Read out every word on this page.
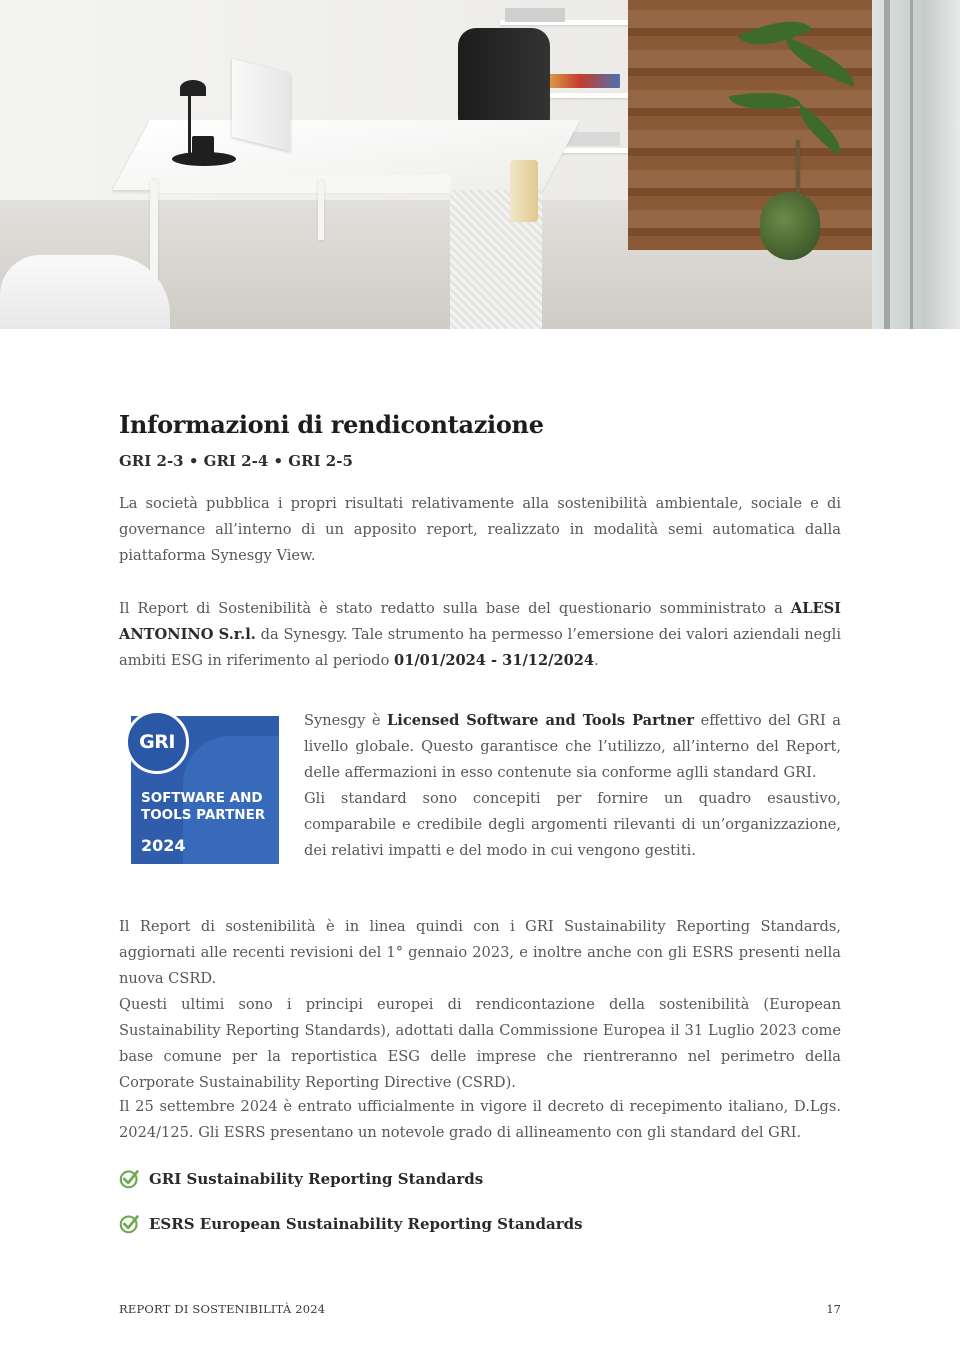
Informazioni di rendicontazione
GRI 2-3 • GRI 2-4 • GRI 2-5

La società pubblica i propri risultati relativamente alla sostenibilità ambientale, sociale e di governance all’interno di un apposito report, realizzato in modalità semi automatica dalla piattaforma Synesgy View.

Il Report di Sostenibilità è stato redatto sulla base del questionario somministrato a ALESI ANTONINO S.r.l. da Synesgy. Tale strumento ha permesso l’emersione dei valori aziendali negli ambiti ESG in riferimento al periodo 01/01/2024 - 31/12/2024.

GRI
SOFTWARE AND
TOOLS PARTNER
2024

Synesgy è Licensed Software and Tools Partner effettivo del GRI a livello globale. Questo garantisce che l’utilizzo, all’interno del Report, delle affermazioni in esso contenute sia conforme aglli standard GRI.
Gli standard sono concepiti per fornire un quadro esaustivo, comparabile e credibile degli argomenti rilevanti di un’organizzazione, dei relativi impatti e del modo in cui vengono gestiti.

Il Report di sostenibilità è in linea quindi con i GRI Sustainability Reporting Standards, aggiornati alle recenti revisioni del 1° gennaio 2023, e inoltre anche con gli ESRS presenti nella nuova CSRD.
Questi ultimi sono i principi europei di rendicontazione della sostenibilità (European Sustainability Reporting Standards), adottati dalla Commissione Europea il 31 Luglio 2023 come base comune per la reportistica ESG delle imprese che rientreranno nel perimetro della Corporate Sustainability Reporting Directive (CSRD).

Il 25 settembre 2024 è entrato ufficialmente in vigore il decreto di recepimento italiano, D.Lgs. 2024/125. Gli ESRS presentano un notevole grado di allineamento con gli standard del GRI.

GRI Sustainability Reporting Standards
ESRS European Sustainability Reporting Standards
REPORT DI SOSTENIBILITÀ 2024	17
